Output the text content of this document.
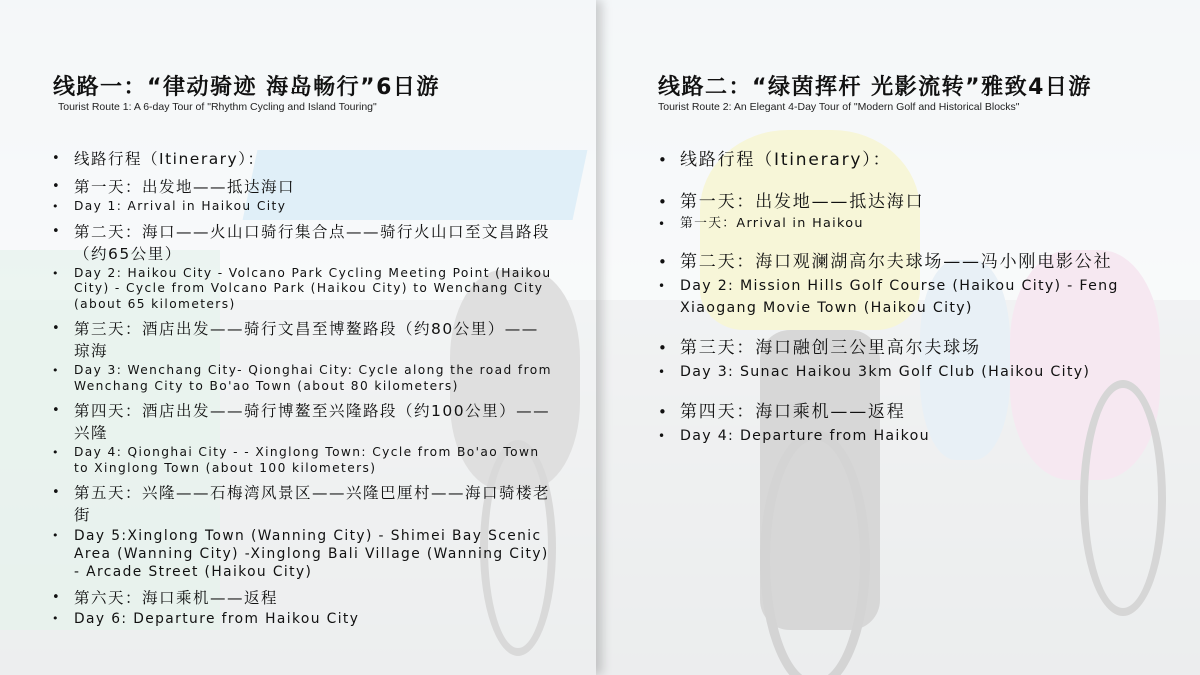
线路一：“律动骑迹 海岛畅行”6日游
Tourist Route 1: A 6-day Tour of "Rhythm Cycling and Island Touring"
• 线路行程（Itinerary）：
• 第一天：出发地——抵达海口
• Day 1: Arrival in Haikou City
• 第二天：海口——火山口骑行集合点——骑行火山口至文昌路段（约65公里）
• Day 2: Haikou City - Volcano Park Cycling Meeting Point (Haikou City) - Cycle from Volcano Park (Haikou City) to Wenchang City (about 65 kilometers)
• 第三天：酒店出发——骑行文昌至博鳌路段（约80公里）——琼海
• Day 3: Wenchang City- Qionghai City: Cycle along the road from Wenchang City to Bo'ao Town (about 80 kilometers)
• 第四天：酒店出发——骑行博鳌至兴隆路段（约100公里）——兴隆
• Day 4: Qionghai City - - Xinglong Town: Cycle from Bo'ao Town to Xinglong Town (about 100 kilometers)
• 第五天：兴隆——石梅湾风景区——兴隆巴厘村——海口骑楼老街
• Day 5:Xinglong Town (Wanning City) - Shimei Bay Scenic Area (Wanning City) -Xinglong Bali Village (Wanning City) - Arcade Street (Haikou City)
• 第六天：海口乘机——返程
• Day 6: Departure from Haikou City
线路二：“绿茵挥杆 光影流转”雅致4日游
Tourist Route 2: An Elegant 4-Day Tour of "Modern Golf and Historical Blocks"
• 线路行程（Itinerary）：
• 第一天：出发地——抵达海口
• 第一天：Arrival in Haikou
• 第二天：海口观澜湖高尔夫球场——冯小刚电影公社
• Day 2: Mission Hills Golf Course (Haikou City) - Feng Xiaogang Movie Town (Haikou City)
• 第三天：海口融创三公里高尔夫球场
• Day 3: Sunac Haikou 3km Golf Club (Haikou City)
• 第四天：海口乘机——返程
• Day 4: Departure from Haikou
